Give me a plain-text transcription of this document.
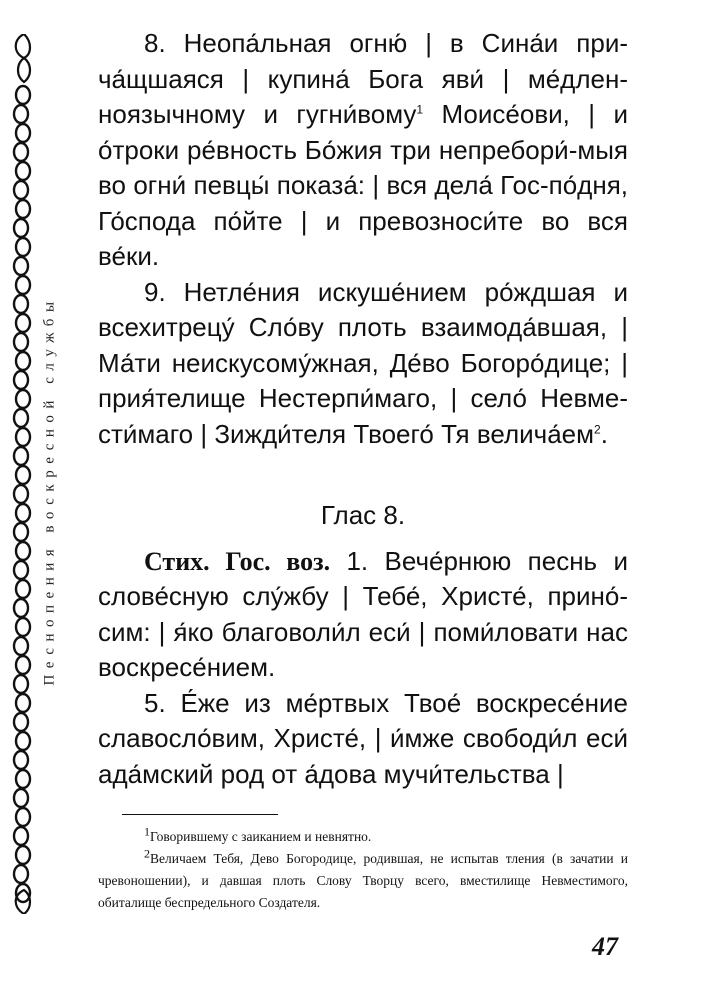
Песнопения воскресной службы

8. Неопа́льная огню́ | в Сина́и при-ча́щшаяся | купина́ Бога яви́ | ме́длен-ноязычному и гугни́вому$^1$ Моисе́ови, | и о́троки ре́вность Бо́жия три непребори́-мыя во огни́ певцы́ показа́: | вся дела́ Гос-по́дня, Го́спода по́йте | и превозноси́те во вся ве́ки.

9. Нетле́ния искуше́нием ро́ждшая и всехитрецу́ Сло́ву плоть взаимода́вшая, | Ма́ти неискусому́жная, Де́во Богоро́дице; | прия́телище Нестерпи́маго, | село́ Невме-сти́маго | Зижди́теля Твоего́ Тя $велича́ем^2$.

Глас 8.

Стих. Гос. воз. 1. Вече́рнюю песнь и слове́сную слу́жбу | Тебе́, Христе́, прино́-сим: | я́ко благоволи́л еси́ | поми́ловати нас воскресе́нием.

5. Е́же из ме́ртвых Твое́ воскресе́ние славосло́вим, Христе́, | и́мже свободи́л еси́ ада́мский род от а́дова мучи́тельства |

$^1$Говорившему с заиканием и невнятно.

$^2$Величаем Тебя, Дево Богородице, родившая, не испытав тления (в зачатии и чревоношении), и давшая плоть Слову Творцу всего, вместилище Невместимого, обиталище беспредельного Создателя.

47
